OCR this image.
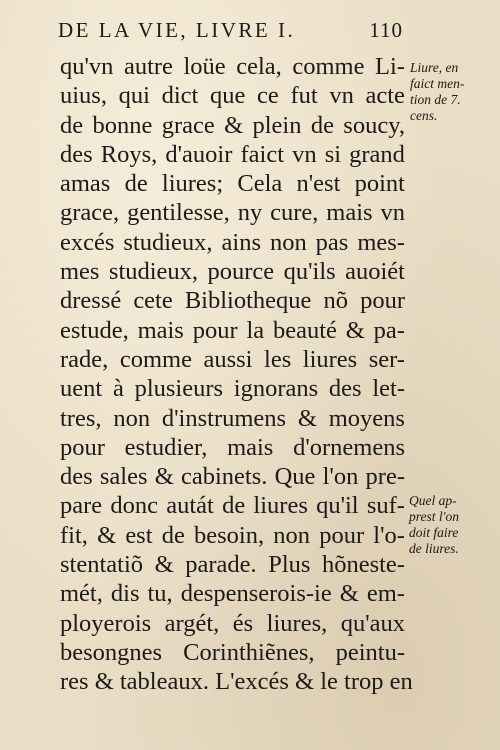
DE LA VIE, LIVRE I.	110
qu'vn autre loüe cela, comme Li-
uius, qui dict que ce fut vn acte
de bonne grace & plein de soucy,
des Roys, d'auoir faict vn si grand
amas de liures; Cela n'est point
grace, gentilesse, ny cure, mais vn
excés studieux, ains non pas mes-
mes studieux, pource qu'ils auoiét
dressé cete Bibliotheque nõ pour
estude, mais pour la beauté & pa-
rade, comme aussi les liures ser-
uent à plusieurs ignorans des let-
tres, non d'instrumens & moyens
pour estudier, mais d'ornemens
des sales & cabinets. Que l'on pre-
pare donc autát de liures qu'il suf-
fit, & est de besoin, non pour l'o-
stentatiõ & parade. Plus hõneste-
mét, dis tu, despenserois-ie & em-
ployerois argét, és liures, qu'aux
besongnes Corinthiẽnes, peintu-
res & tableaux. L'excés & le trop en
Liure, en
faict men-
tion de 7.
cens.
Quel ap-
prest l'on
doit faire
de liures.
